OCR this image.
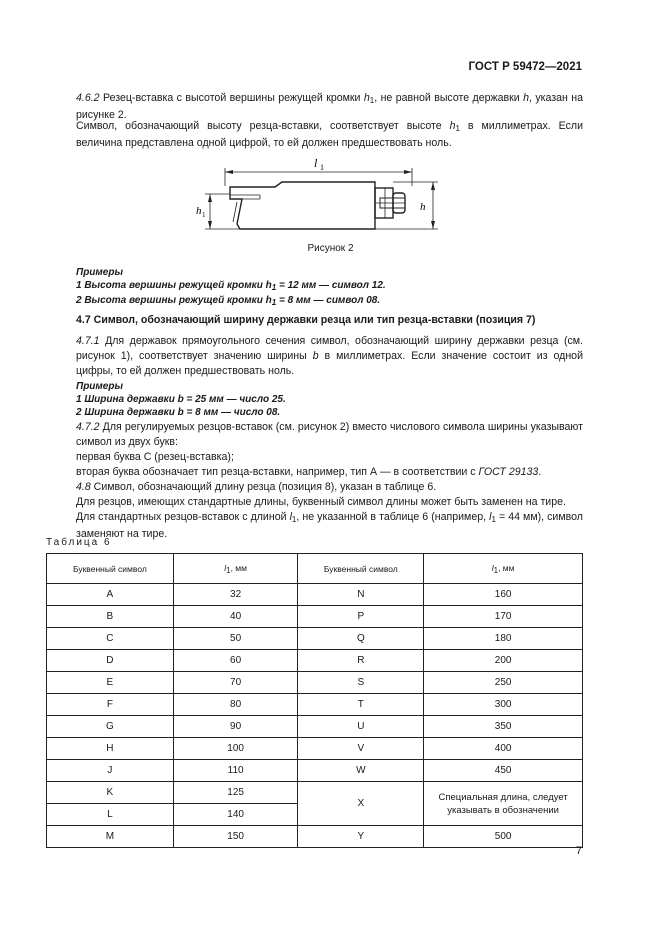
ГОСТ Р 59472—2021
4.6.2 Резец-вставка с высотой вершины режущей кромки $h_1$, не равной высоте державки h, указан на рисунке 2.
Символ, обозначающий высоту резца-вставки, соответствует высоте $h_1$ в миллиметрах. Если величина представлена одной цифрой, то ей должен предшествовать ноль.
l 1
h 1
h
Рисунок 2
Примеры
1 Высота вершины режущей кромки $h_1 = 12$ мм — символ 12.
2 Высота вершины режущей кромки $h_1 = 8$ мм — символ 08.
4.7 Символ, обозначающий ширину державки резца или тип резца-вставки (позиция 7)
4.7.1 Для державок прямоугольного сечения символ, обозначающий ширину державки резца (см. рисунок 1), соответствует значению ширины b в миллиметрах. Если значение состоит из одной цифры, то ей должен предшествовать ноль.
Примеры
1 Ширина державки b = 25 мм — число 25.
2 Ширина державки b = 8 мм — число 08.
4.7.2 Для регулируемых резцов-вставок (см. рисунок 2) вместо числового символа ширины указывают символ из двух букв:
первая буква С (резец-вставка);
вторая буква обозначает тип резца-вставки, например, тип А — в соответствии с ГОСТ 29133.
4.8 Символ, обозначающий длину резца (позиция 8), указан в таблице 6.
Для резцов, имеющих стандартные длины, буквенный символ длины может быть заменен на тире.
Для стандартных резцов-вставок с длиной $l_1$, не указанной в таблице 6 (например, $l_1 = 44$ мм), символ заменяют на тире.
Таблица 6
Буквенный символ	l1, мм	Буквенный символ	l1, мм
A	32	N	160
B	40	P	170
C	50	Q	180
D	60	R	200
E	70	S	250
F	80	T	300
G	90	U	350
H	100	V	400
J	110	W	450
K	125	X	Специальная длина, следует указывать в обозначении
L	140		
M	150	Y	500
7
